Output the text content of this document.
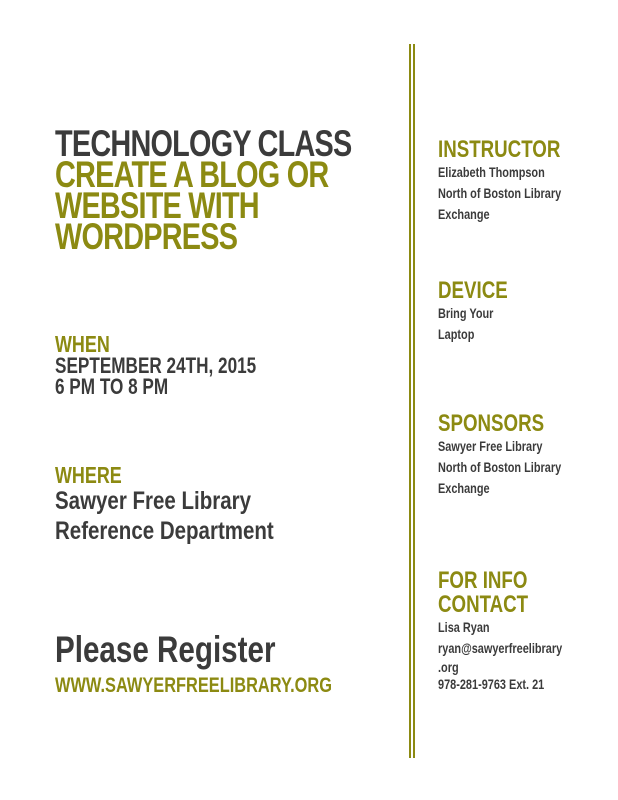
TECHNOLOGY CLASS
CREATE A BLOG OR
WEBSITE WITH
WORDPRESS
WHEN
SEPTEMBER 24TH, 2015
6 PM TO 8 PM
WHERE
Sawyer Free Library
Reference Department
Please Register
WWW.SAWYERFREELIBRARY.ORG
INSTRUCTOR
Elizabeth Thompson
North of Boston Library
Exchange
DEVICE
Bring Your
Laptop
SPONSORS
Sawyer Free Library
North of Boston Library
Exchange
FOR INFO
CONTACT
Lisa Ryan
ryan@sawyerfreelibrary
.org
978-281-9763 Ext. 21
